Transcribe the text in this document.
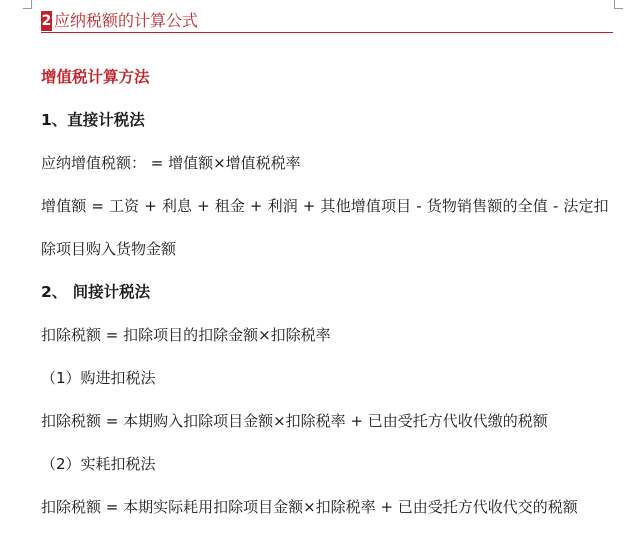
2 应纳税额的计算公式
增值税计算方法
1、直接计税法
应纳增值税额： = 增值额×增值税税率
增值额 = 工资 + 利息 + 租金 + 利润 + 其他增值项目 - 货物销售额的全值 - 法定扣
除项目购入货物金额
2、 间接计税法
扣除税额 = 扣除项目的扣除金额×扣除税率
（1）购进扣税法
扣除税额 = 本期购入扣除项目金额×扣除税率 + 已由受托方代收代缴的税额
（2）实耗扣税法
扣除税额 = 本期实际耗用扣除项目金额×扣除税率 + 已由受托方代收代交的税额
